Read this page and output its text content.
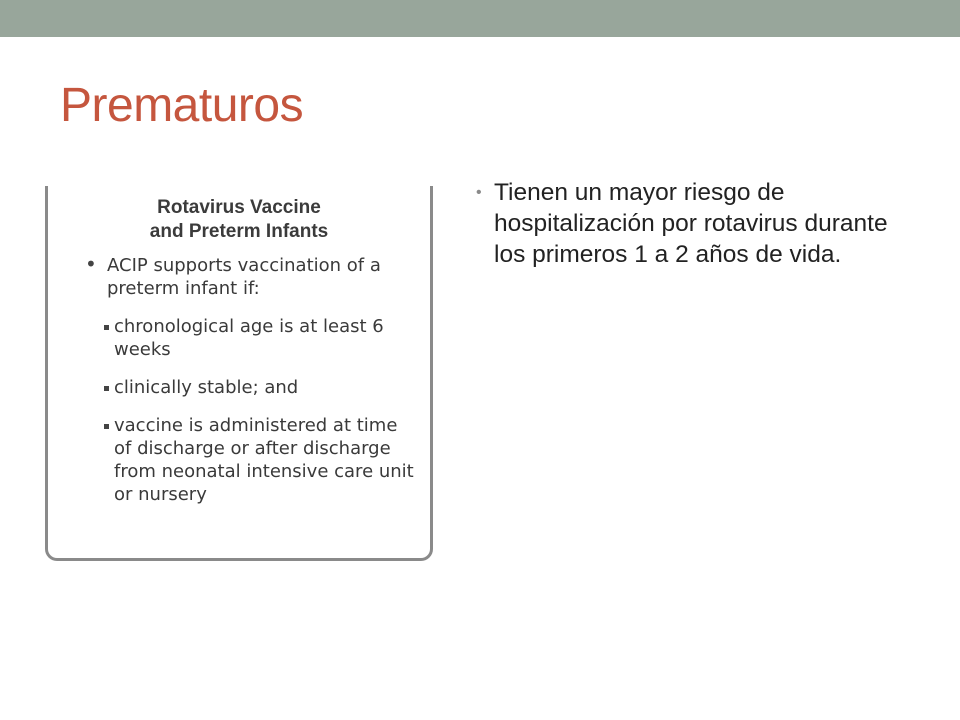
Prematuros
Rotavirus Vaccine
and Preterm Infants
• ACIP supports vaccination of a preterm infant if:
chronological age is at least 6 weeks
clinically stable; and
vaccine is administered at time of discharge or after discharge from neonatal intensive care unit or nursery
• Tienen un mayor riesgo de hospitalización por rotavirus durante los primeros 1 a 2 años de vida.
